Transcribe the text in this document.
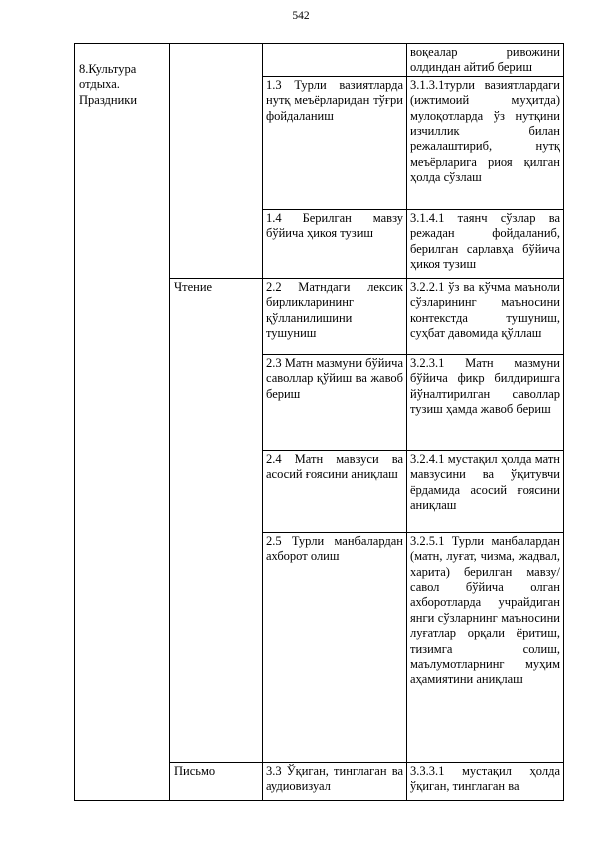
542
8.Культура отдыха. Праздники			воқеалар ривожини олдиндан айтиб бериш

		1.3 Турли вазиятларда нутқ меъёрларидан тўғри фойдаланиш	3.1.3.1турли вазиятлардаги (ижтимоий муҳитда) мулоқотларда ўз нутқини изчиллик билан режалаштириб, нутқ меъёрларига риоя қилган ҳолда сўзлаш

		1.4 Берилган мавзу бўйича ҳикоя тузиш	3.1.4.1 таянч сўзлар ва режадан фойдаланиб, берилган сарлавҳа бўйича ҳикоя тузиш

	Чтение	2.2 Матндаги лексик бирликларининг қўлланилишини тушуниш	3.2.2.1 ўз ва кўчма маъноли сўзларининг маъносини контекстда тушуниш, суҳбат давомида қўллаш

		2.3 Матн мазмуни бўйича саволлар қўйиш ва жавоб бериш	3.2.3.1 Матн мазмуни бўйича фикр билдиришга йўналтирилган саволлар тузиш ҳамда жавоб бериш

		2.4 Матн мавзуси ва асосий ғоясини аниқлаш	3.2.4.1 мустақил ҳолда матн мавзусини ва ўқитувчи ёрдамида асосий ғоясини аниқлаш

		2.5 Турли манбалардан ахборот олиш	3.2.5.1 Турли манбалардан (матн, луғат, чизма, жадвал, харита) берилган мавзу/савол бўйича олган ахборотларда учрайдиган янги сўзларнинг маъносини луғатлар орқали ёритиш, тизимга солиш, маълумотларнинг муҳим аҳамиятини аниқлаш

	Письмо	3.3 Ўқиган, тинглаган ва аудиовизуал	3.3.3.1 мустақил ҳолда ўқиган, тинглаган ва
